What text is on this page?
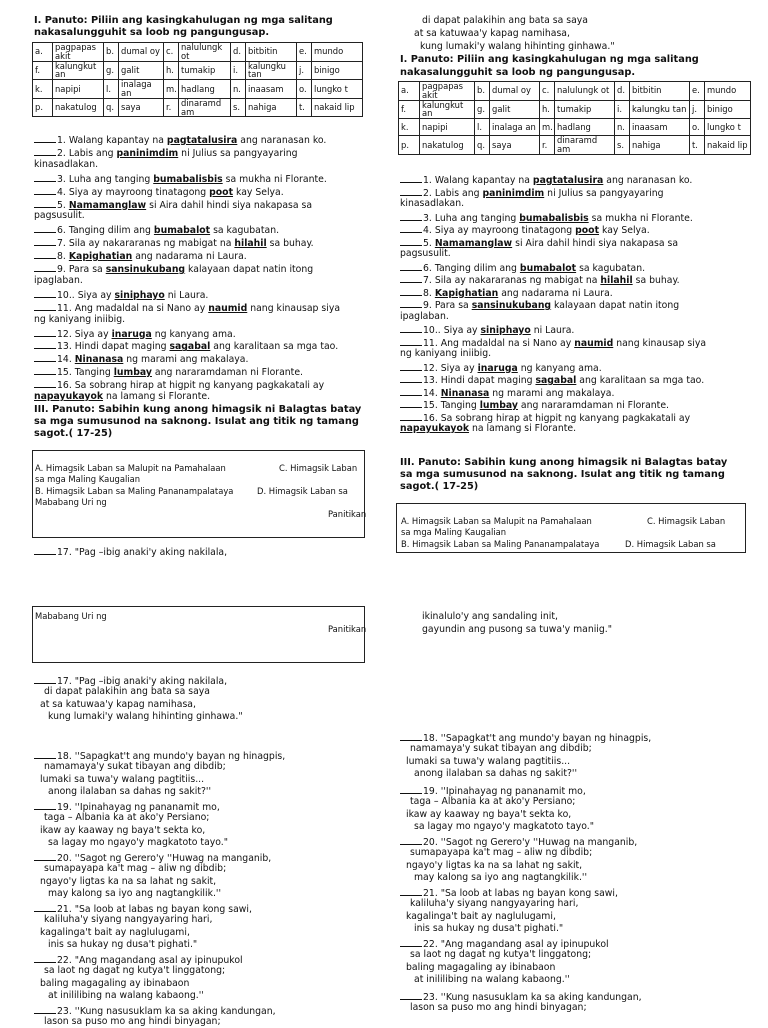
I. Panuto: Piliin ang kasingkahulugan ng mga salitang
nakasalungguhit sa loob ng pangungusap.
a.	pagpapas akit	b.	dumal oy	c.	nalulungk ot	d.	bitbitin	e.	mundo
f.	kalungkut an	g.	galit	h.	tumakip	i.	kalungku tan	j.	binigo
k.	napipi	l.	inalaga an	m.	hadlang	n.	inaasam	o.	lungko t
p.	nakatulog	q.	saya	r.	dinaramd am	s.	nahiga	t.	nakaid lip
1. Walang kapantay na pagtatalusira ang naranasan ko.
2. Labis ang paninimdim ni Julius sa pangyayaring
kinasadlakan.
3. Luha ang tanging bumabalisbis sa mukha ni Florante.
4. Siya ay mayroong tinatagong poot kay Selya.
5. Namamanglaw si Aira dahil hindi siya nakapasa sa
pagsusulit.
6. Tanging dilim ang bumabalot sa kagubatan.
7. Sila ay nakararanas ng mabigat na hilahil sa buhay.
8. Kapighatian ang nadarama ni Laura.
9. Para sa sansinukubang kalayaan dapat natin itong
ipaglaban.
10.. Siya ay siniphayo ni Laura.
11. Ang madaldal na si Nano ay naumid nang kinausap siya
ng kaniyang iniibig.
12. Siya ay inaruga ng kanyang ama.
13. Hindi dapat maging sagabal ang karalitaan sa mga tao.
14. Ninanasa ng marami ang makalaya.
15. Tanging lumbay ang nararamdaman ni Florante.
16. Sa sobrang hirap at higpit ng kanyang pagkakatali ay
napayukayok na lamang si Florante.
III. Panuto: Sabihin kung anong himagsik ni Balagtas batay
sa mga sumusunod na saknong. Isulat ang titik ng tamang
sagot.( 17-25)
A. Himagsik Laban sa Malupit na Pamahalaan	C. Himagsik Laban
sa mga Maling Kaugalian
B. Himagsik Laban sa Maling Pananampalataya	D. Himagsik Laban sa
Mababang Uri ng
Panitikan
17. "Pag –ibig anaki'y aking nakilala,
di dapat palakihin ang bata sa saya
at sa katuwaa'y kapag namihasa,
kung lumaki'y walang hihinting ginhawa."
I. Panuto: Piliin ang kasingkahulugan ng mga salitang
nakasalungguhit sa loob ng pangungusap.
a.	pagpapas akit	b.	dumal oy	c.	nalulungk ot	d.	bitbitin	e.	mundo
f.	kalungkut an	g.	galit	h.	tumakip	i.	kalungku tan	j.	binigo
k.	napipi	l.	inalaga an	m.	hadlang	n.	inaasam	o.	lungko t
p.	nakatulog	q.	saya	r.	dinaramd am	s.	nahiga	t.	nakaid lip
1. Walang kapantay na pagtatalusira ang naranasan ko.
2. Labis ang paninimdim ni Julius sa pangyayaring
kinasadlakan.
3. Luha ang tanging bumabalisbis sa mukha ni Florante.
4. Siya ay mayroong tinatagong poot kay Selya.
5. Namamanglaw si Aira dahil hindi siya nakapasa sa
pagsusulit.
6. Tanging dilim ang bumabalot sa kagubatan.
7. Sila ay nakararanas ng mabigat na hilahil sa buhay.
8. Kapighatian ang nadarama ni Laura.
9. Para sa sansinukubang kalayaan dapat natin itong
ipaglaban.
10.. Siya ay siniphayo ni Laura.
11. Ang madaldal na si Nano ay naumid nang kinausap siya
ng kaniyang iniibig.
12. Siya ay inaruga ng kanyang ama.
13. Hindi dapat maging sagabal ang karalitaan sa mga tao.
14. Ninanasa ng marami ang makalaya.
15. Tanging lumbay ang nararamdaman ni Florante.
16. Sa sobrang hirap at higpit ng kanyang pagkakatali ay
napayukayok na lamang si Florante.
III. Panuto: Sabihin kung anong himagsik ni Balagtas batay
sa mga sumusunod na saknong. Isulat ang titik ng tamang
sagot.( 17-25)
A. Himagsik Laban sa Malupit na Pamahalaan	C. Himagsik Laban
sa mga Maling Kaugalian
B. Himagsik Laban sa Maling Pananampalataya	D. Himagsik Laban sa
Mababang Uri ng
Panitikan
17. "Pag –ibig anaki'y aking nakilala,
di dapat palakihin ang bata sa saya
at sa katuwaa'y kapag namihasa,
kung lumaki'y walang hihinting ginhawa."
18. ''Sapagkat't ang mundo'y bayan ng hinagpis,
namamaya'y sukat tibayan ang dibdib;
lumaki sa tuwa'y walang pagtitiis...
anong ilalaban sa dahas ng sakit?''
19. ''Ipinahayag ng pananamit mo,
taga – Albania ka at ako'y Persiano;
ikaw ay kaaway ng baya't sekta ko,
sa lagay mo ngayo'y magkatoto tayo."
20. ''Sagot ng Gerero'y ''Huwag na manganib,
sumapayapa ka't mag – aliw ng dibdib;
ngayo'y ligtas ka na sa lahat ng sakit,
may kalong sa iyo ang nagtangkilik.''
21. "Sa loob at labas ng bayan kong sawi,
kaliluha'y siyang nangyayaring hari,
kagalinga't bait ay naglulugami,
inis sa hukay ng dusa't pighati."
22. "Ang magandang asal ay ipinupukol
sa laot ng dagat ng kutya't linggatong;
baling magagaling ay ibinabaon
at inililibing na walang kabaong.''
23. ''Kung nasusuklam ka sa aking kandungan,
lason sa puso mo ang hindi binyagan;
18. ''Sapagkat't ang mundo'y bayan ng hinagpis,
namamaya'y sukat tibayan ang dibdib;
lumaki sa tuwa'y walang pagtitiis...
anong ilalaban sa dahas ng sakit?''
19. ''Ipinahayag ng pananamit mo,
taga – Albania ka at ako'y Persiano;
ikaw ay kaaway ng baya't sekta ko,
sa lagay mo ngayo'y magkatoto tayo."
20. ''Sagot ng Gerero'y ''Huwag na manganib,
sumapayapa ka't mag – aliw ng dibdib;
ngayo'y ligtas ka na sa lahat ng sakit,
may kalong sa iyo ang nagtangkilik.''
21. "Sa loob at labas ng bayan kong sawi,
kaliluha'y siyang nangyayaring hari,
kagalinga't bait ay naglulugami,
inis sa hukay ng dusa't pighati."
22. "Ang magandang asal ay ipinupukol
sa laot ng dagat ng kutya't linggatong;
baling magagaling ay ibinabaon
at inililibing na walang kabaong.''
23. ''Kung nasusuklam ka sa aking kandungan,
lason sa puso mo ang hindi binyagan;
ikinalulo'y ang sandaling init,
gayundin ang pusong sa tuwa'y maniig."
